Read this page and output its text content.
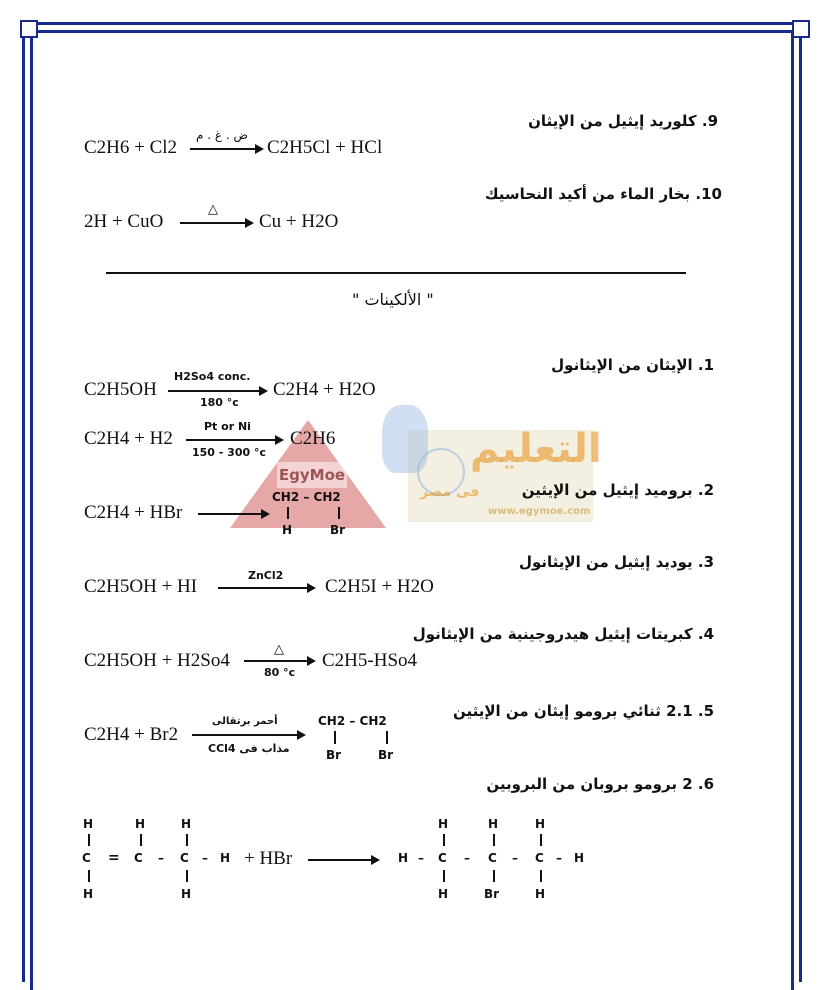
التعليم
فى مصر
www.egymoe.com
EgyMoe
9. كلوريد إيثيل من الإيثان
C2H6 + Cl2
ض . غ . م
C2H5Cl + HCl
10. بخار الماء من أكيد النحاسيك
2H + CuO
△
Cu + H2O
" الألكينات "
1. الإيثان من الإيثانول
C2H5OH
H2So4 conc.
180 °c
C2H4 + H2O
C2H4 + H2
Pt or Ni
150 - 300 °c
C2H6
2. بروميد إيثيل من الإيثين
C2H4 + HBr
CH2 – CH2
H	Br
3. يوديد إيثيل من الإيثانول
C2H5OH + HI
ZnCl2
C2H5I + H2O
4. كبريتات إيثيل هيدروجينية من الإيثانول
C2H5OH + H2So4
△
80 °c
C2H5-HSo4
5. 2.1 ثنائي برومو إيثان من الإيثين
C2H4 + Br2
أحمر برتقالى
CCl4 مذاب فى
CH2 – CH2
Br	Br
6. 2 برومو بروبان من البروبين
H	H	H
C = C – C – H
H	H
+ HBr
H	H	H
H – C – C – C – H
H	Br	H
